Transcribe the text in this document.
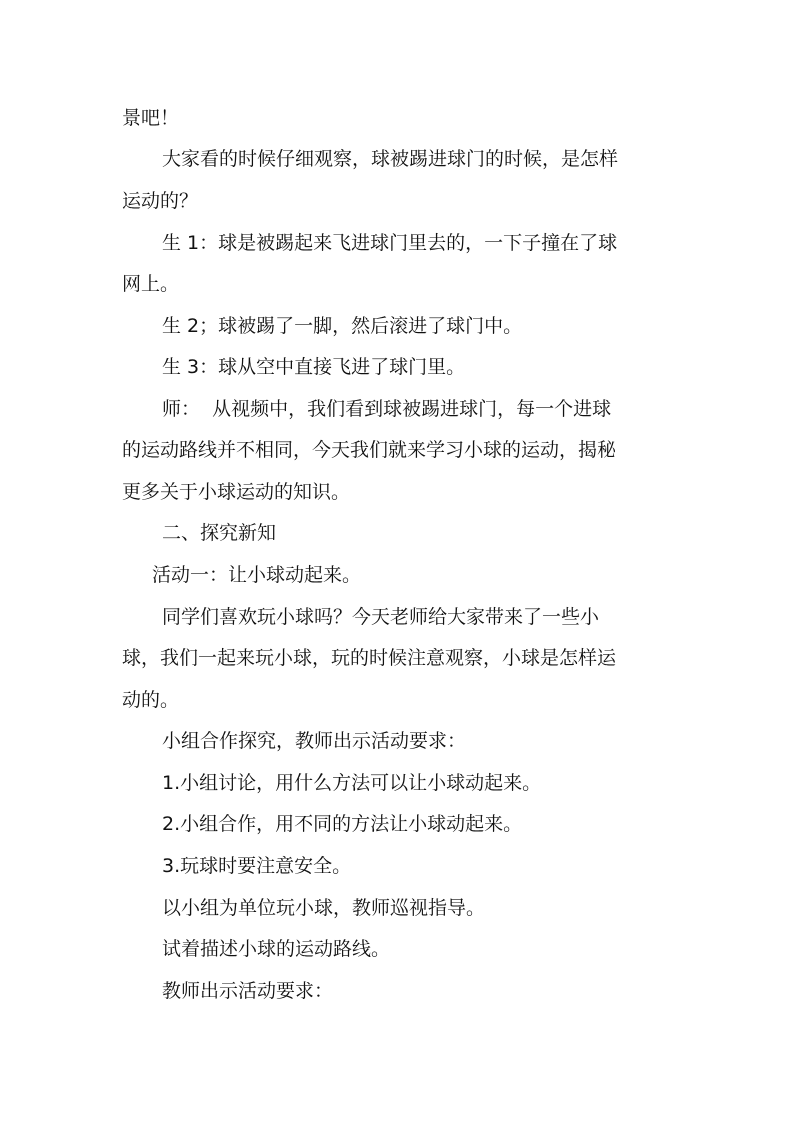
景吧！
大家看的时候仔细观察，球被踢进球门的时候，是怎样
运动的？
生 1：球是被踢起来飞进球门里去的，一下子撞在了球
网上。
生 2；球被踢了一脚，然后滚进了球门中。
生 3：球从空中直接飞进了球门里。
师：  从视频中，我们看到球被踢进球门，每一个进球
的运动路线并不相同，今天我们就来学习小球的运动，揭秘
更多关于小球运动的知识。
二、探究新知
活动一：让小球动起来。
同学们喜欢玩小球吗？今天老师给大家带来了一些小
球，我们一起来玩小球，玩的时候注意观察，小球是怎样运
动的。
小组合作探究，教师出示活动要求：
1.小组讨论，用什么方法可以让小球动起来。
2.小组合作，用不同的方法让小球动起来。
3.玩球时要注意安全。
以小组为单位玩小球，教师巡视指导。
试着描述小球的运动路线。
教师出示活动要求：
